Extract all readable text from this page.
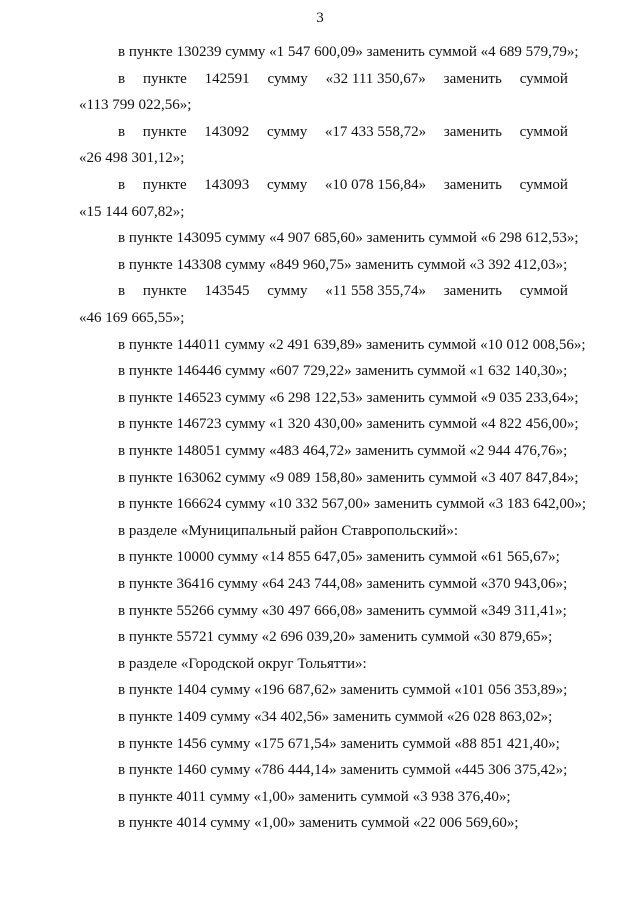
3
в пункте 130239 сумму «1 547 600,09» заменить суммой «4 689 579,79»;
в пункте 142591 сумму «32 111 350,67» заменить суммой
«113 799 022,56»;
в пункте 143092 сумму «17 433 558,72» заменить суммой
«26 498 301,12»;
в пункте 143093 сумму «10 078 156,84» заменить суммой
«15 144 607,82»;
в пункте 143095 сумму «4 907 685,60» заменить суммой «6 298 612,53»;
в пункте 143308 сумму «849 960,75» заменить суммой «3 392 412,03»;
в пункте 143545 сумму «11 558 355,74» заменить суммой
«46 169 665,55»;
в пункте 144011 сумму «2 491 639,89» заменить суммой «10 012 008,56»;
в пункте 146446 сумму «607 729,22» заменить суммой «1 632 140,30»;
в пункте 146523 сумму «6 298 122,53» заменить суммой «9 035 233,64»;
в пункте 146723 сумму «1 320 430,00» заменить суммой «4 822 456,00»;
в пункте 148051 сумму «483 464,72» заменить суммой «2 944 476,76»;
в пункте 163062 сумму «9 089 158,80» заменить суммой «3 407 847,84»;
в пункте 166624 сумму «10 332 567,00» заменить суммой «3 183 642,00»;
в разделе «Муниципальный район Ставропольский»:
в пункте 10000 сумму «14 855 647,05» заменить суммой «61 565,67»;
в пункте 36416 сумму «64 243 744,08» заменить суммой «370 943,06»;
в пункте 55266 сумму «30 497 666,08» заменить суммой «349 311,41»;
в пункте 55721 сумму «2 696 039,20» заменить суммой «30 879,65»;
в разделе «Городской округ Тольятти»:
в пункте 1404 сумму «196 687,62» заменить суммой «101 056 353,89»;
в пункте 1409 сумму «34 402,56» заменить суммой «26 028 863,02»;
в пункте 1456 сумму «175 671,54» заменить суммой «88 851 421,40»;
в пункте 1460 сумму «786 444,14» заменить суммой «445 306 375,42»;
в пункте 4011 сумму «1,00» заменить суммой «3 938 376,40»;
в пункте 4014 сумму «1,00» заменить суммой «22 006 569,60»;
